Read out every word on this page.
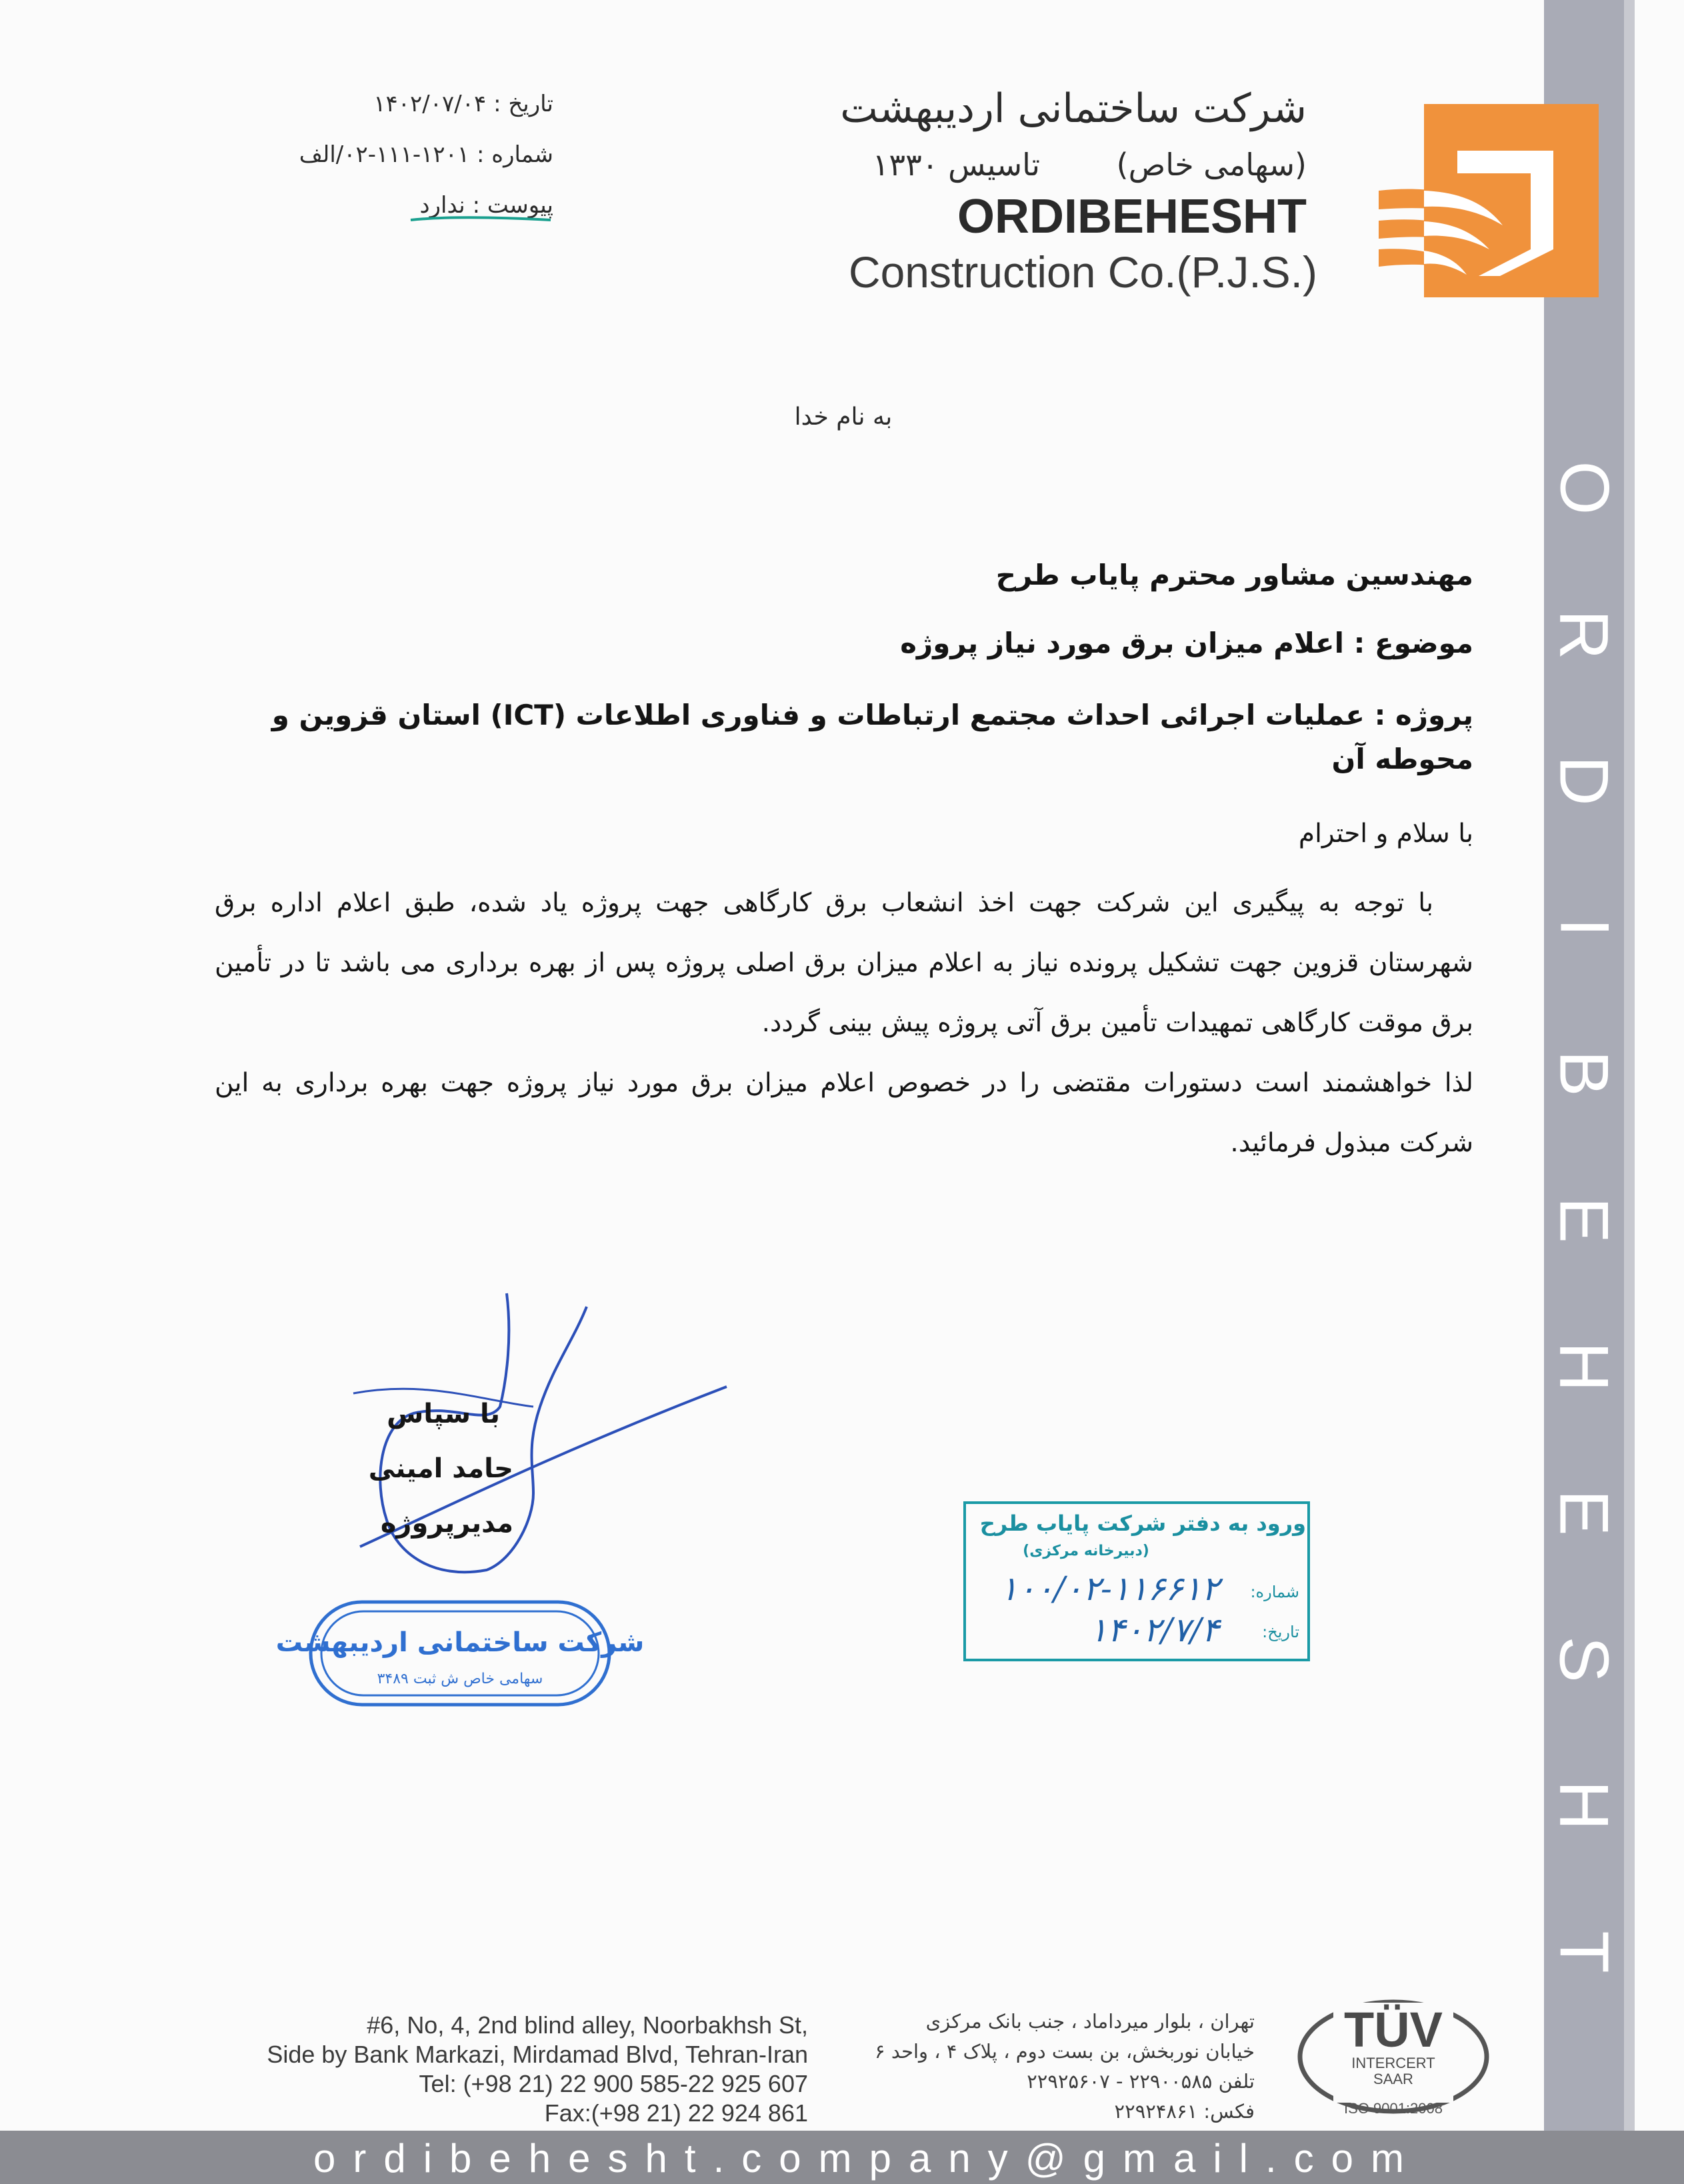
O
R
D
I
B
E
H
E
S
H
T
شرکت ساختمانی اردیبهشت
(سهامی خاص)
تاسیس ۱۳۳۰
ORDIBEHESHT
Construction Co.(P.J.S.)
تاریخ : ۱۴۰۲/۰۷/۰۴
شماره : ۱۲۰۱-۱۱۱-۰۲/الف
پیوست : ندارد
به نام خدا
مهندسین مشاور محترم پایاب طرح
موضوع : اعلام میزان برق مورد نیاز پروژه
پروژه : عملیات اجرائی احداث مجتمع ارتباطات و فناوری اطلاعات (ICT) استان قزوین و محوطه آن
با سلام و احترام
با توجه به پیگیری این شرکت جهت اخذ انشعاب برق کارگاهی جهت پروژه یاد شده، طبق اعلام اداره برق شهرستان قزوین جهت تشکیل پرونده نیاز به اعلام میزان برق اصلی پروژه پس از بهره برداری می باشد تا در تأمین برق موقت کارگاهی تمهیدات تأمین برق آتی پروژه پیش بینی گردد.
لذا خواهشمند است دستورات مقتضی را در خصوص اعلام میزان برق مورد نیاز پروژه جهت بهره برداری به این شرکت مبذول فرمائید.
با سپاس
حامد امینی
مدیرپروژه
شرکت ساختمانی اردیبهشت
سهامی خاص ش ثبت ۳۴۸۹
ورود به دفتر شرکت پایاب طرح
(دبیرخانه مرکزی)
شماره:
تاریخ:
۱۰۰/۰۲-۱۱۶۶۱۲
۱۴۰۲/۷/۴
#6, No, 4, 2nd blind alley, Noorbakhsh St,
Side by Bank Markazi, Mirdamad Blvd, Tehran-Iran
Tel: (+98 21) 22 900 585-22 925 607
Fax:(+98 21) 22 924 861
تهران ، بلوار میرداماد ، جنب بانک مرکزی
خیابان نوربخش، بن بست دوم ، پلاک ۴ ، واحد ۶
تلفن ۲۲۹۰۰۵۸۵ - ۲۲۹۲۵۶۰۷
فکس: ۲۲۹۲۴۸۶۱
TÜV
INTERCERT
SAAR
ISO 9001:2008
ordibehesht.company@gmail.com
